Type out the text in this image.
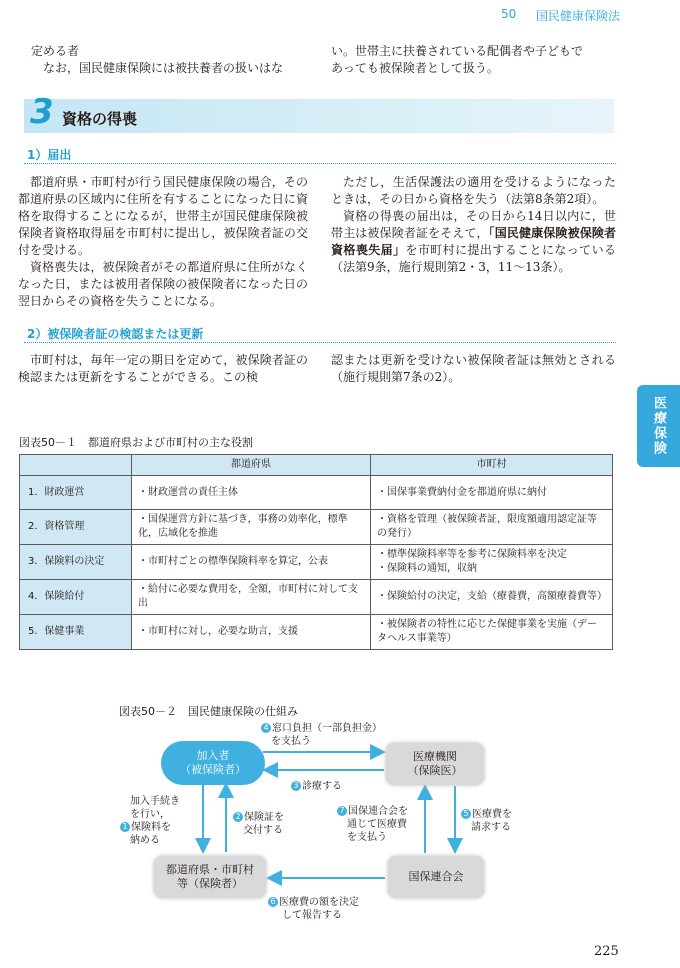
50 国民健康保険法

定める者

なお，国民健康保険には被扶養者の扱いはな

い。世帯主に扶養されている配偶者や子どもで

あっても被保険者として扱う。

3 資格の得喪
1）届出

都道府県・市町村が行う国民健康保険の場合，その都道府県の区域内に住所を有することになった日に資格を取得することになるが，世帯主が国民健康保険被保険者資格取得届を市町村に提出し，被保険者証の交付を受ける。

資格喪失は，被保険者がその都道府県に住所がなくなった日，または被用者保険の被保険者になった日の翌日からその資格を失うことになる。

ただし，生活保護法の適用を受けるようになったときは，その日から資格を失う（法第8条第2項）。

資格の得喪の届出は，その日から14日以内に，世帯主は被保険者証をそえて，「国民健康保険被保険者資格喪失届」を市町村に提出することになっている（法第9条，施行規則第2・3，11～13条）。

2）被保険者証の検認または更新

市町村は，毎年一定の期日を定めて，被保険者証の検認または更新をすることができる。この検

認または更新を受けない被保険者証は無効とされる（施行規則第7条の2）。

医療保険
図表50－１　都道府県および市町村の主な役割
	都道府県	市町村
1．財政運営	・財政運営の責任主体	・国保事業費納付金を都道府県に納付
2．資格管理	・国保運営方針に基づき，事務の効率化，標準化，広域化を推進	・資格を管理（被保険者証，限度額適用認定証等の発行）
3．保険料の決定	・市町村ごとの標準保険料率を算定，公表	・標準保険料率等を参考に保険料率を決定
・保険料の通知，収納

4．保険給付	・給付に必要な費用を，全額，市町村に対して支出	・保険給付の決定，支給（療養費，高額療養費等）
5．保健事業	・市町村に対し，必要な助言，支援	・被保険者の特性に応じた保健事業を実施（データヘルス事業等）
図表50－２　国民健康保険の仕組み
加入者
（被保険者）
医療機関
（保険医）
都道府県・市町村
等（保険者）
国保連合会
4 窓口負担（一部負担金）
を支払う
3 診療する
加入手続き
を行い，
1 保険料を
納める
2 保険証を
交付する
7 国保連合会を
通じて医療費
を支払う
5 医療費を
請求する
6 医療費の額を決定
して報告する
225
